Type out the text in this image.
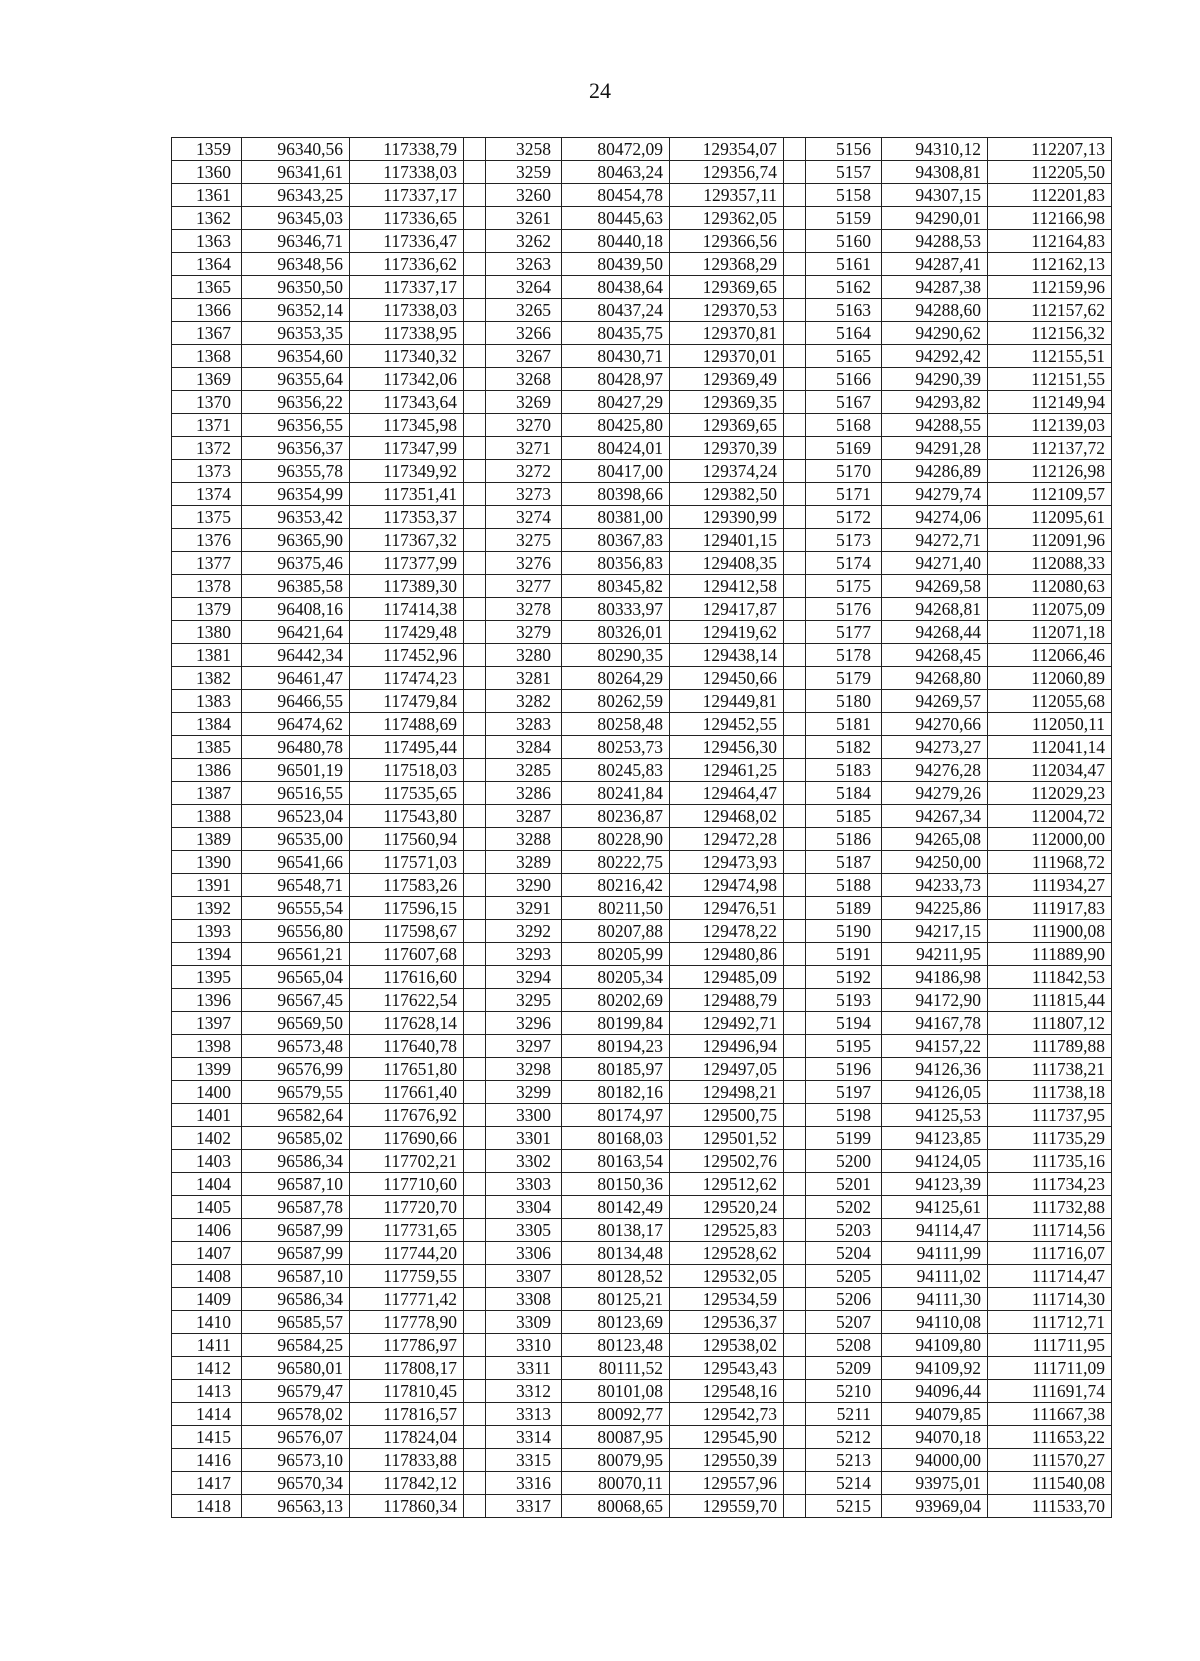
24
1359	96340,56	117338,79		3258	80472,09	129354,07		5156	94310,12	112207,13
1360	96341,61	117338,03		3259	80463,24	129356,74		5157	94308,81	112205,50
1361	96343,25	117337,17		3260	80454,78	129357,11		5158	94307,15	112201,83
1362	96345,03	117336,65		3261	80445,63	129362,05		5159	94290,01	112166,98
1363	96346,71	117336,47		3262	80440,18	129366,56		5160	94288,53	112164,83
1364	96348,56	117336,62		3263	80439,50	129368,29		5161	94287,41	112162,13
1365	96350,50	117337,17		3264	80438,64	129369,65		5162	94287,38	112159,96
1366	96352,14	117338,03		3265	80437,24	129370,53		5163	94288,60	112157,62
1367	96353,35	117338,95		3266	80435,75	129370,81		5164	94290,62	112156,32
1368	96354,60	117340,32		3267	80430,71	129370,01		5165	94292,42	112155,51
1369	96355,64	117342,06		3268	80428,97	129369,49		5166	94290,39	112151,55
1370	96356,22	117343,64		3269	80427,29	129369,35		5167	94293,82	112149,94
1371	96356,55	117345,98		3270	80425,80	129369,65		5168	94288,55	112139,03
1372	96356,37	117347,99		3271	80424,01	129370,39		5169	94291,28	112137,72
1373	96355,78	117349,92		3272	80417,00	129374,24		5170	94286,89	112126,98
1374	96354,99	117351,41		3273	80398,66	129382,50		5171	94279,74	112109,57
1375	96353,42	117353,37		3274	80381,00	129390,99		5172	94274,06	112095,61
1376	96365,90	117367,32		3275	80367,83	129401,15		5173	94272,71	112091,96
1377	96375,46	117377,99		3276	80356,83	129408,35		5174	94271,40	112088,33
1378	96385,58	117389,30		3277	80345,82	129412,58		5175	94269,58	112080,63
1379	96408,16	117414,38		3278	80333,97	129417,87		5176	94268,81	112075,09
1380	96421,64	117429,48		3279	80326,01	129419,62		5177	94268,44	112071,18
1381	96442,34	117452,96		3280	80290,35	129438,14		5178	94268,45	112066,46
1382	96461,47	117474,23		3281	80264,29	129450,66		5179	94268,80	112060,89
1383	96466,55	117479,84		3282	80262,59	129449,81		5180	94269,57	112055,68
1384	96474,62	117488,69		3283	80258,48	129452,55		5181	94270,66	112050,11
1385	96480,78	117495,44		3284	80253,73	129456,30		5182	94273,27	112041,14
1386	96501,19	117518,03		3285	80245,83	129461,25		5183	94276,28	112034,47
1387	96516,55	117535,65		3286	80241,84	129464,47		5184	94279,26	112029,23
1388	96523,04	117543,80		3287	80236,87	129468,02		5185	94267,34	112004,72
1389	96535,00	117560,94		3288	80228,90	129472,28		5186	94265,08	112000,00
1390	96541,66	117571,03		3289	80222,75	129473,93		5187	94250,00	111968,72
1391	96548,71	117583,26		3290	80216,42	129474,98		5188	94233,73	111934,27
1392	96555,54	117596,15		3291	80211,50	129476,51		5189	94225,86	111917,83
1393	96556,80	117598,67		3292	80207,88	129478,22		5190	94217,15	111900,08
1394	96561,21	117607,68		3293	80205,99	129480,86		5191	94211,95	111889,90
1395	96565,04	117616,60		3294	80205,34	129485,09		5192	94186,98	111842,53
1396	96567,45	117622,54		3295	80202,69	129488,79		5193	94172,90	111815,44
1397	96569,50	117628,14		3296	80199,84	129492,71		5194	94167,78	111807,12
1398	96573,48	117640,78		3297	80194,23	129496,94		5195	94157,22	111789,88
1399	96576,99	117651,80		3298	80185,97	129497,05		5196	94126,36	111738,21
1400	96579,55	117661,40		3299	80182,16	129498,21		5197	94126,05	111738,18
1401	96582,64	117676,92		3300	80174,97	129500,75		5198	94125,53	111737,95
1402	96585,02	117690,66		3301	80168,03	129501,52		5199	94123,85	111735,29
1403	96586,34	117702,21		3302	80163,54	129502,76		5200	94124,05	111735,16
1404	96587,10	117710,60		3303	80150,36	129512,62		5201	94123,39	111734,23
1405	96587,78	117720,70		3304	80142,49	129520,24		5202	94125,61	111732,88
1406	96587,99	117731,65		3305	80138,17	129525,83		5203	94114,47	111714,56
1407	96587,99	117744,20		3306	80134,48	129528,62		5204	94111,99	111716,07
1408	96587,10	117759,55		3307	80128,52	129532,05		5205	94111,02	111714,47
1409	96586,34	117771,42		3308	80125,21	129534,59		5206	94111,30	111714,30
1410	96585,57	117778,90		3309	80123,69	129536,37		5207	94110,08	111712,71
1411	96584,25	117786,97		3310	80123,48	129538,02		5208	94109,80	111711,95
1412	96580,01	117808,17		3311	80111,52	129543,43		5209	94109,92	111711,09
1413	96579,47	117810,45		3312	80101,08	129548,16		5210	94096,44	111691,74
1414	96578,02	117816,57		3313	80092,77	129542,73		5211	94079,85	111667,38
1415	96576,07	117824,04		3314	80087,95	129545,90		5212	94070,18	111653,22
1416	96573,10	117833,88		3315	80079,95	129550,39		5213	94000,00	111570,27
1417	96570,34	117842,12		3316	80070,11	129557,96		5214	93975,01	111540,08
1418	96563,13	117860,34		3317	80068,65	129559,70		5215	93969,04	111533,70
